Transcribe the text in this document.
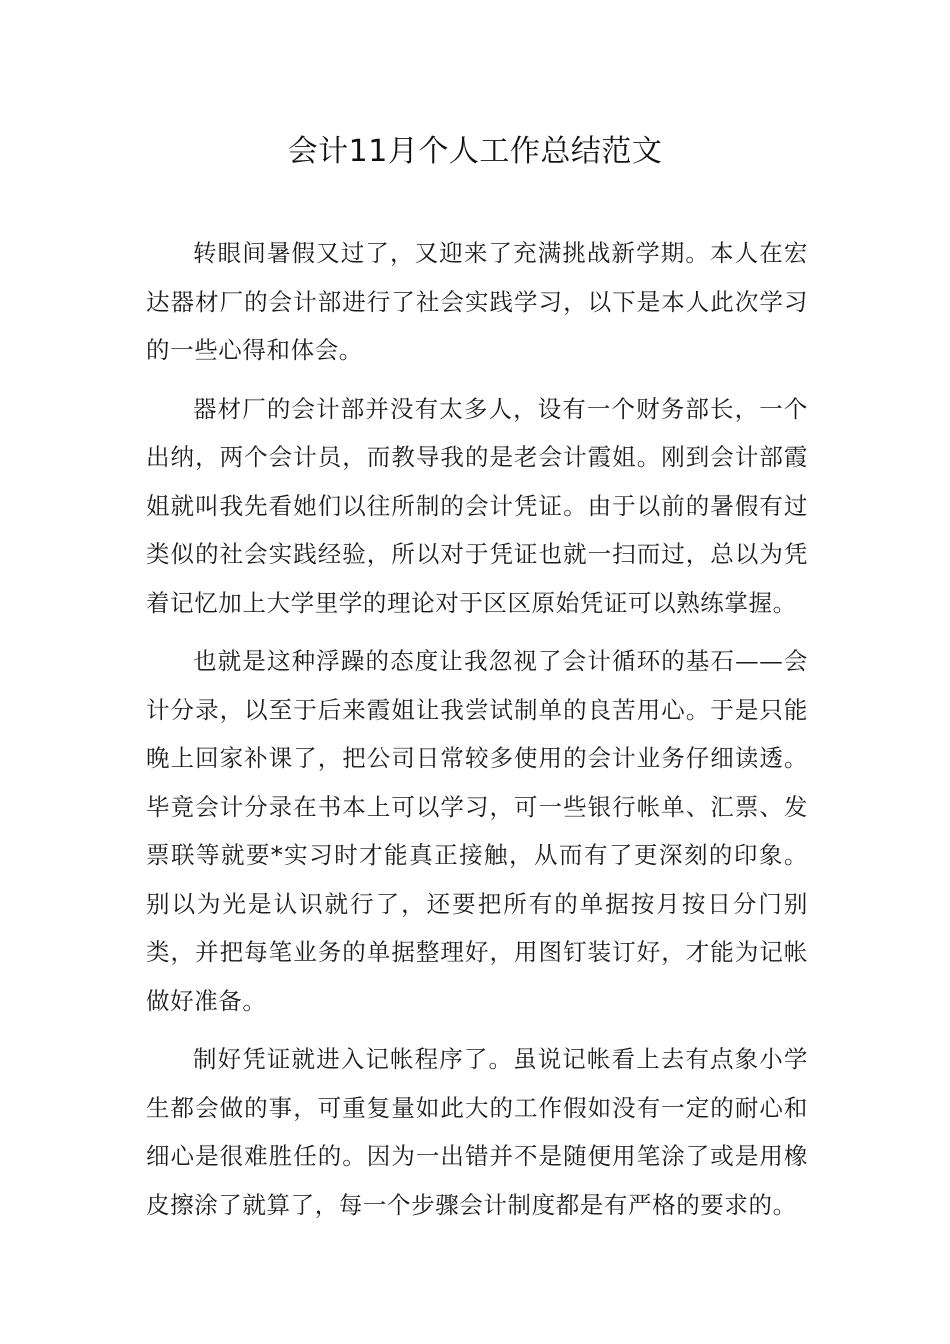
会计11月个人工作总结范文

转眼间暑假又过了，又迎来了充满挑战新学期。本人在宏达器材厂的会计部进行了社会实践学习，以下是本人此次学习的一些心得和体会。

器材厂的会计部并没有太多人，设有一个财务部长，一个出纳，两个会计员，而教导我的是老会计霞姐。刚到会计部霞姐就叫我先看她们以往所制的会计凭证。由于以前的暑假有过类似的社会实践经验，所以对于凭证也就一扫而过，总以为凭着记忆加上大学里学的理论对于区区原始凭证可以熟练掌握。

也就是这种浮躁的态度让我忽视了会计循环的基石——会计分录，以至于后来霞姐让我尝试制单的良苦用心。于是只能晚上回家补课了，把公司日常较多使用的会计业务仔细读透。毕竟会计分录在书本上可以学习，可一些银行帐单、汇票、发票联等就要*实习时才能真正接触，从而有了更深刻的印象。别以为光是认识就行了，还要把所有的单据按月按日分门别类，并把每笔业务的单据整理好，用图钉装订好，才能为记帐做好准备。

制好凭证就进入记帐程序了。虽说记帐看上去有点象小学生都会做的事，可重复量如此大的工作假如没有一定的耐心和细心是很难胜任的。因为一出错并不是随便用笔涂了或是用橡皮擦涂了就算了，每一个步骤会计制度都是有严格的要求的。
